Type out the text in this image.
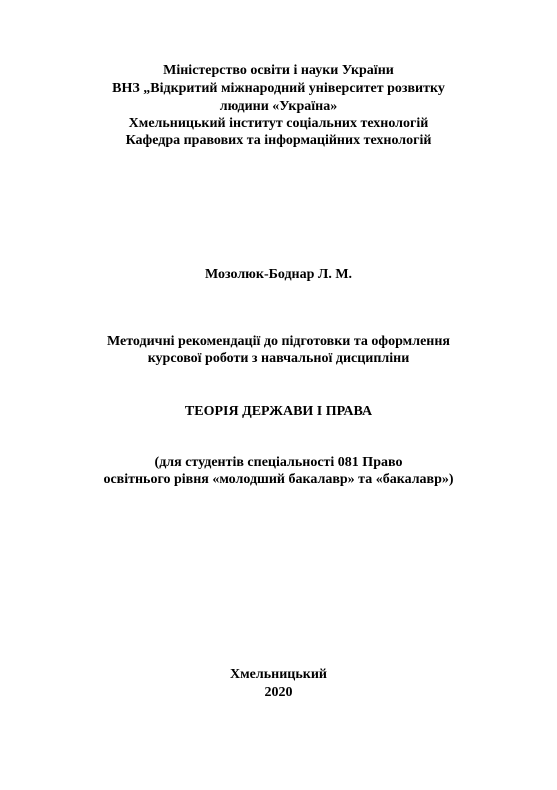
Міністерство освіти і науки України
ВНЗ „Відкритий міжнародний університет розвитку
людини «Україна»
Хмельницький інститут соціальних технологій
Кафедра правових та інформаційних технологій
Мозолюк-Боднар Л. М.
Методичні рекомендації до підготовки та оформлення
курсової роботи з навчальної дисципліни
ТЕОРІЯ ДЕРЖАВИ І ПРАВА
(для студентів спеціальності 081 Право
освітнього рівня «молодший бакалавр» та «бакалавр»)
Хмельницький
2020
